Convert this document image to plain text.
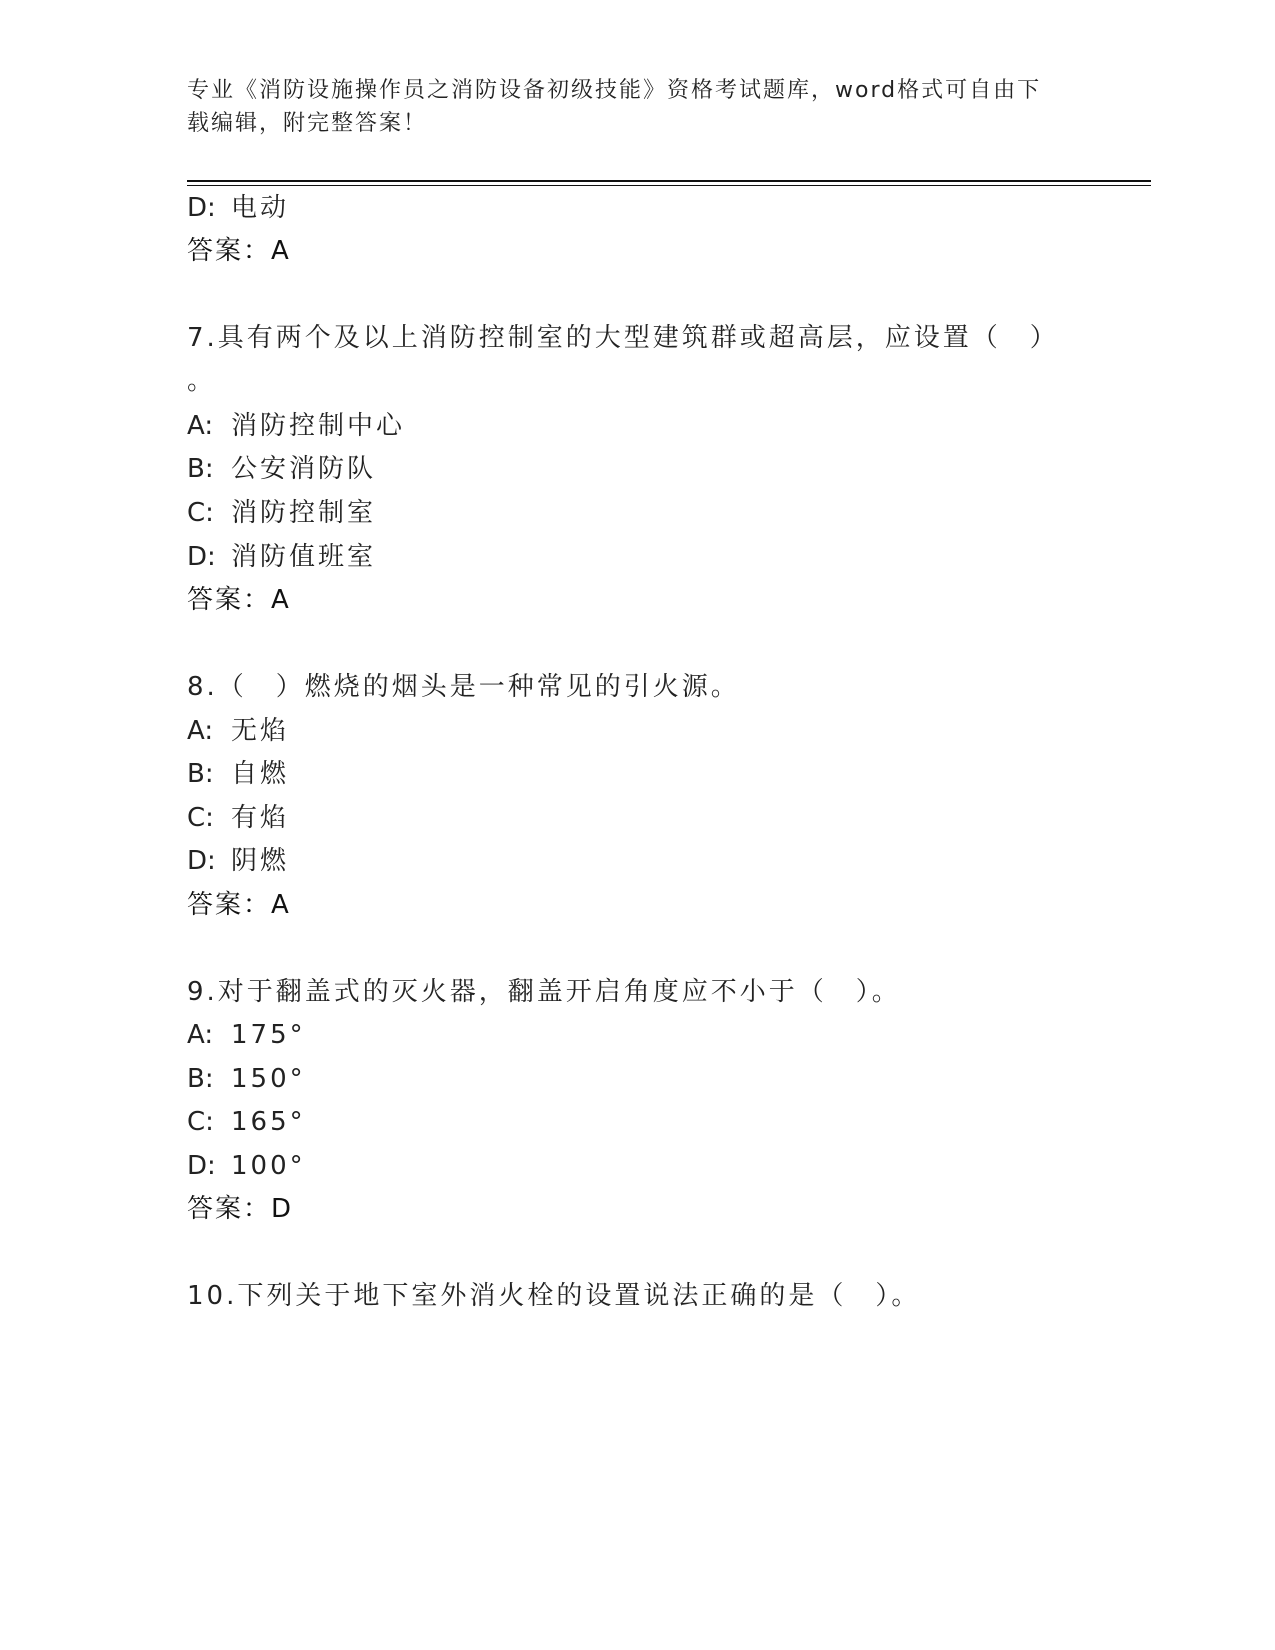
专业《消防设施操作员之消防设备初级技能》资格考试题库，word格式可自由下
载编辑，附完整答案！
D: 电动
答案：A
7.具有两个及以上消防控制室的大型建筑群或超高层，应设置（　）
。
A: 消防控制中心
B: 公安消防队
C: 消防控制室
D: 消防值班室
答案：A
8.（　）燃烧的烟头是一种常见的引火源。
A: 无焰
B: 自燃
C: 有焰
D: 阴燃
答案：A
9.对于翻盖式的灭火器，翻盖开启角度应不小于（　）。
A: 175°
B: 150°
C: 165°
D: 100°
答案：D
10.下列关于地下室外消火栓的设置说法正确的是（　）。
